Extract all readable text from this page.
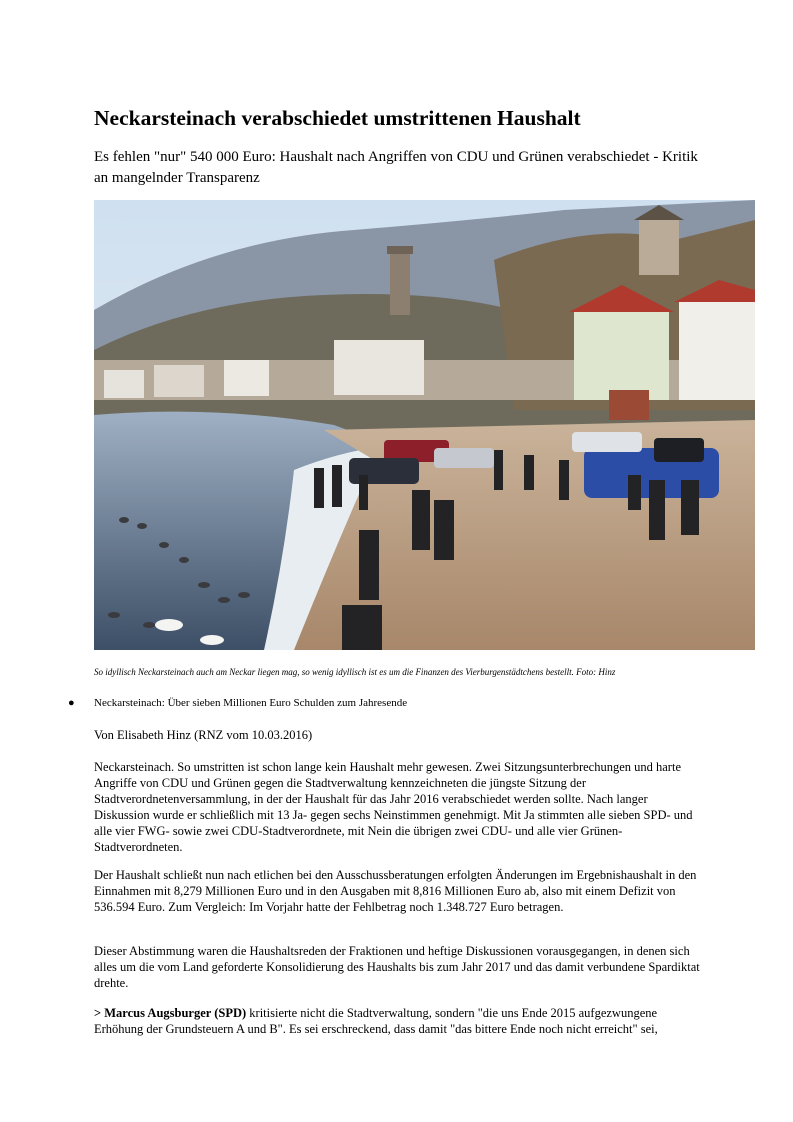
Neckarsteinach verabschiedet umstrittenen Haushalt

Es fehlen "nur" 540 000 Euro: Haushalt nach Angriffen von CDU und Grünen verabschiedet - Kritik an mangelnder Transparenz

So idyllisch Neckarsteinach auch am Neckar liegen mag, so wenig idyllisch ist es um die Finanzen des Vierburgenstädtchens bestellt. Foto: Hinz

● Neckarsteinach: Über sieben Millionen Euro Schulden zum Jahresende

Von Elisabeth Hinz (RNZ vom 10.03.2016)

Neckarsteinach. So umstritten ist schon lange kein Haushalt mehr gewesen. Zwei Sitzungsunterbrechungen und harte Angriffe von CDU und Grünen gegen die Stadtverwaltung kennzeichneten die jüngste Sitzung der Stadtverordnetenversammlung, in der der Haushalt für das Jahr 2016 verabschiedet werden sollte. Nach langer Diskussion wurde er schließlich mit 13 Ja- gegen sechs Neinstimmen genehmigt. Mit Ja stimmten alle sieben SPD- und alle vier FWG- sowie zwei CDU-Stadtverordnete, mit Nein die übrigen zwei CDU- und alle vier Grünen-Stadtverordneten.

Der Haushalt schließt nun nach etlichen bei den Ausschussberatungen erfolgten Änderungen im Ergebnishaushalt in den Einnahmen mit 8,279 Millionen Euro und in den Ausgaben mit 8,816 Millionen Euro ab, also mit einem Defizit von 536.594 Euro. Zum Vergleich: Im Vorjahr hatte der Fehlbetrag noch 1.348.727 Euro betragen.

Dieser Abstimmung waren die Haushaltsreden der Fraktionen und heftige Diskussionen vorausgegangen, in denen sich alles um die vom Land geforderte Konsolidierung des Haushalts bis zum Jahr 2017 und das damit verbundene Spardiktat drehte.

> Marcus Augsburger (SPD) kritisierte nicht die Stadtverwaltung, sondern "die uns Ende 2015 aufgezwungene Erhöhung der Grundsteuern A und B". Es sei erschreckend, dass damit "das bittere Ende noch nicht erreicht" sei,
